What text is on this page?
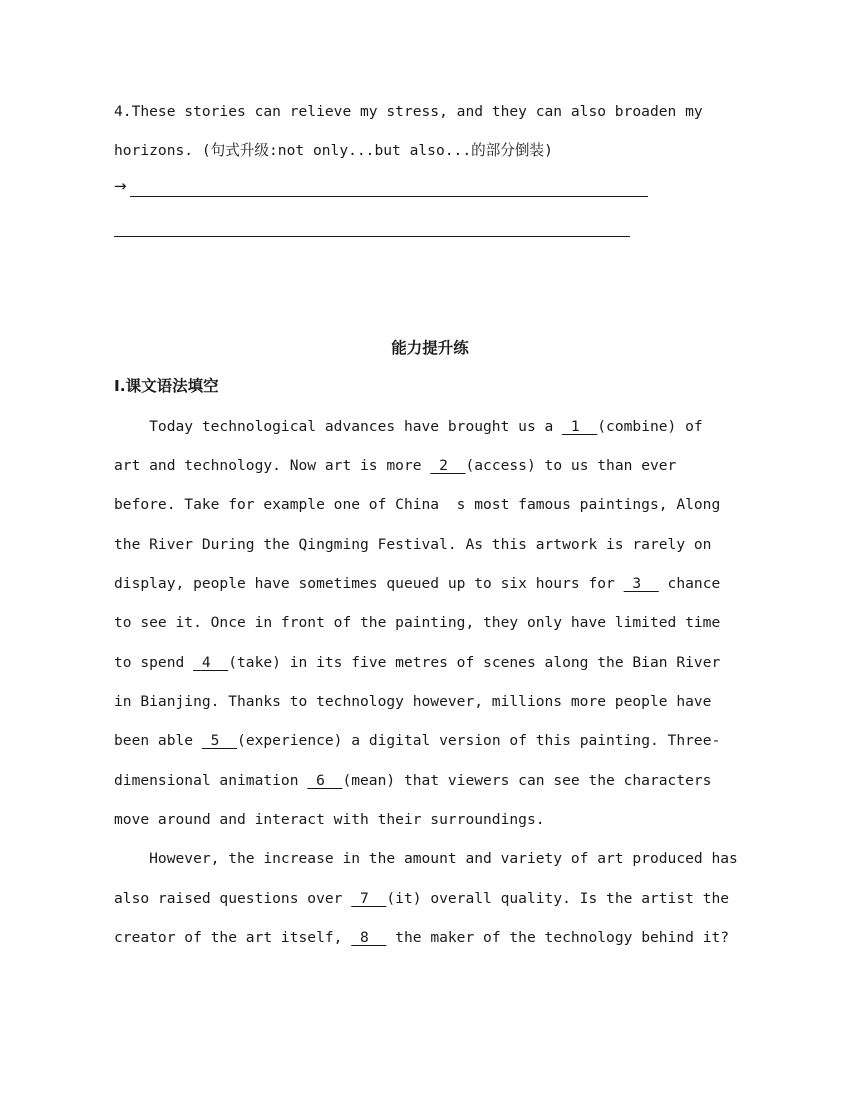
4.These stories can relieve my stress, and they can also broaden my
horizons. (句式升级:not only...but also...的部分倒装)
→
能力提升练
Ⅰ.课文语法填空
Today technological advances have brought us a  1  (combine) of
art and technology. Now art is more  2  (access) to us than ever
before. Take for example one of China  s most famous paintings, Along
the River During the Qingming Festival. As this artwork is rarely on
display, people have sometimes queued up to six hours for  3   chance
to see it. Once in front of the painting, they only have limited time
to spend  4  (take) in its five metres of scenes along the Bian River
in Bianjing. Thanks to technology however, millions more people have
been able  5  (experience) a digital version of this painting. Three-
dimensional animation  6  (mean) that viewers can see the characters
move around and interact with their surroundings.
However, the increase in the amount and variety of art produced has
also raised questions over  7  (it) overall quality. Is the artist the
creator of the art itself,  8   the maker of the technology behind it?
